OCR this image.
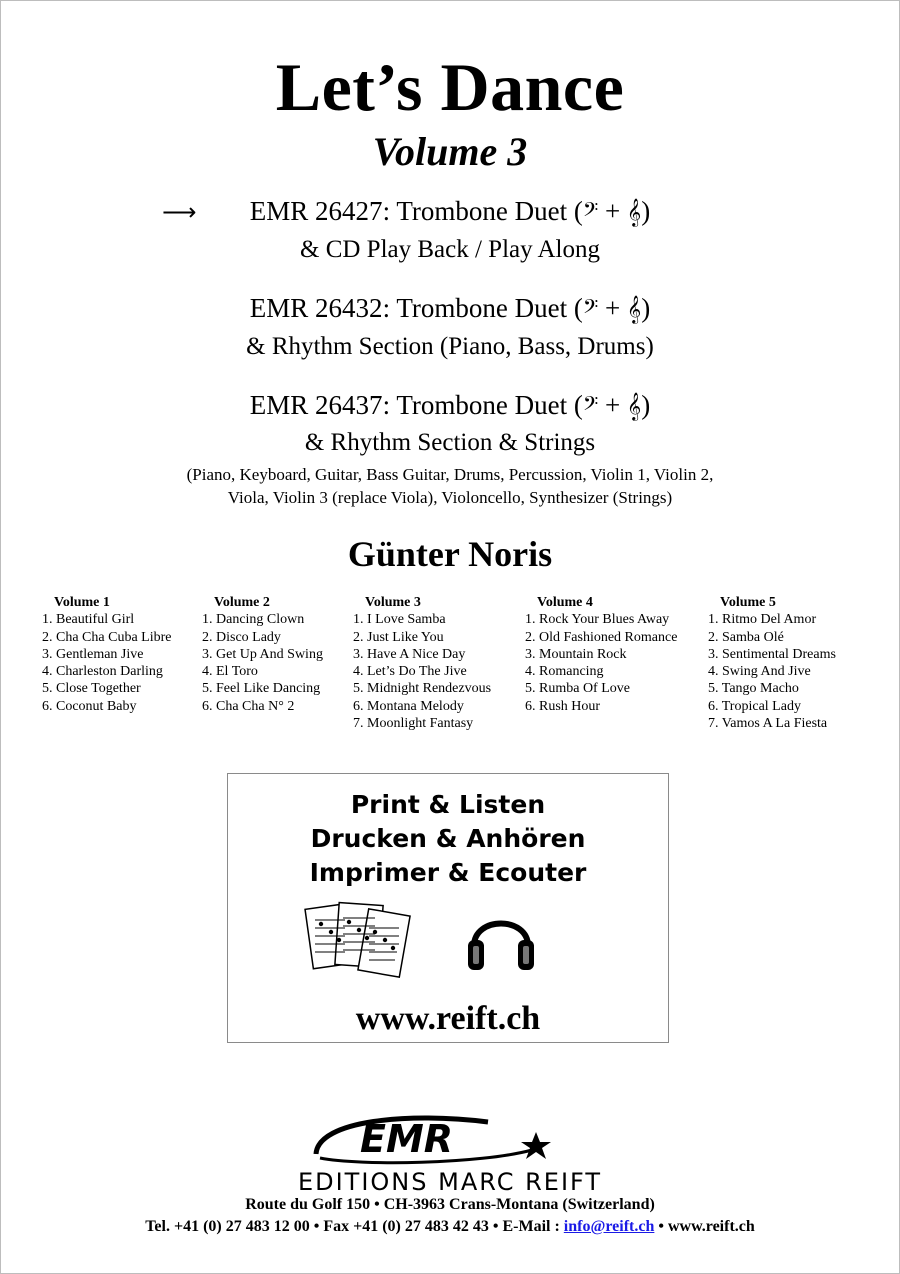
Let’s Dance
Volume 3
⟶	EMR 26427: Trombone Duet (𝄢 + 𝄞)
& CD Play Back / Play Along
EMR 26432: Trombone Duet (𝄢 + 𝄞)
& Rhythm Section (Piano, Bass, Drums)
EMR 26437: Trombone Duet (𝄢 + 𝄞)
& Rhythm Section & Strings
(Piano, Keyboard, Guitar, Bass Guitar, Drums, Percussion, Violin 1, Violin 2,
Viola, Violin 3 (replace Viola), Violoncello, Synthesizer (Strings)
Günter Noris
Volume 1
1. Beautiful Girl
2. Cha Cha Cuba Libre
3. Gentleman Jive
4. Charleston Darling
5. Close Together
6. Coconut Baby
Volume 2
1. Dancing Clown
2. Disco Lady
3. Get Up And Swing
4. El Toro
5. Feel Like Dancing
6. Cha Cha N° 2
Volume 3
1. I Love Samba
2. Just Like You
3. Have A Nice Day
4. Let’s Do The Jive
5. Midnight Rendezvous
6. Montana Melody
7. Moonlight Fantasy
Volume 4
1. Rock Your Blues Away
2. Old Fashioned Romance
3. Mountain Rock
4. Romancing
5. Rumba Of Love
6. Rush Hour
Volume 5
1. Ritmo Del Amor
2. Samba Olé
3. Sentimental Dreams
4. Swing And Jive
5. Tango Macho
6. Tropical Lady
7. Vamos A La Fiesta
Print & Listen
Drucken & Anhören
Imprimer & Ecouter
www.reift.ch
EMR
EDITIONS MARC REIFT
Route du Golf 150 • CH-3963 Crans-Montana (Switzerland)
Tel. +41 (0) 27 483 12 00 • Fax +41 (0) 27 483 42 43 • E-Mail : info@reift.ch • www.reift.ch
